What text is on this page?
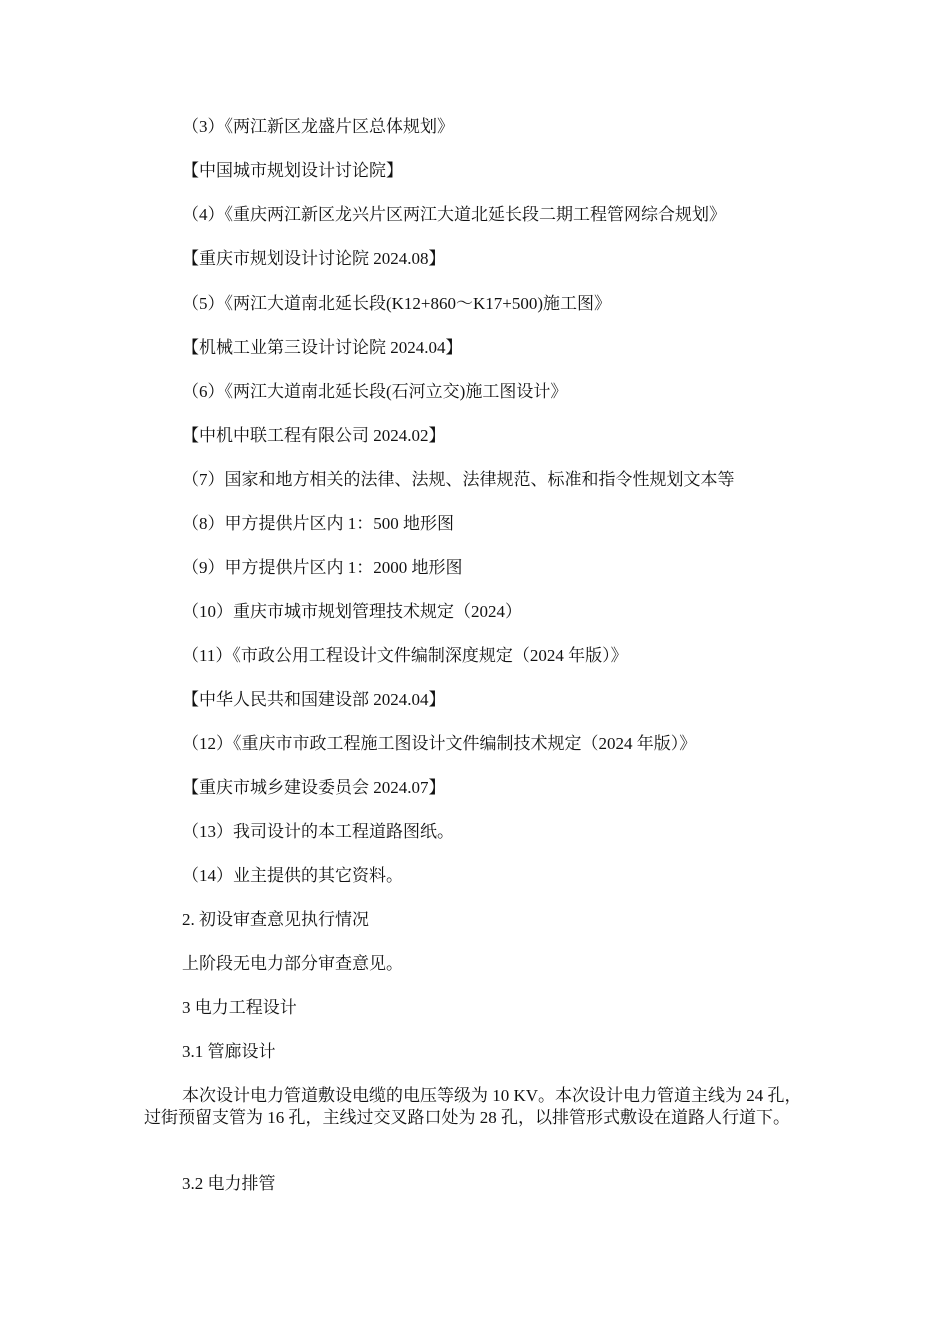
（3）《两江新区龙盛片区总体规划》
【中国城市规划设计讨论院】
（4）《重庆两江新区龙兴片区两江大道北延长段二期工程管网综合规划》
【重庆市规划设计讨论院 2024.08】
（5）《两江大道南北延长段(K12+860～K17+500)施工图》
【机械工业第三设计讨论院 2024.04】
（6）《两江大道南北延长段(石河立交)施工图设计》
【中机中联工程有限公司 2024.02】
（7）国家和地方相关的法律、法规、法律规范、标准和指令性规划文本等
（8）甲方提供片区内 1：500 地形图
（9）甲方提供片区内 1：2000 地形图
（10）重庆市城市规划管理技术规定（2024）
（11）《市政公用工程设计文件编制深度规定（2024 年版）》
【中华人民共和国建设部 2024.04】
（12）《重庆市市政工程施工图设计文件编制技术规定（2024 年版）》
【重庆市城乡建设委员会 2024.07】
（13）我司设计的本工程道路图纸。
（14）业主提供的其它资料。
2. 初设审查意见执行情况
上阶段无电力部分审查意见。
3 电力工程设计
3.1 管廊设计
本次设计电力管道敷设电缆的电压等级为 10 KV。本次设计电力管道主线为 24 孔，过街预留支管为 16 孔，主线过交叉路口处为 28 孔，以排管形式敷设在道路人行道下。
3.2 电力排管
